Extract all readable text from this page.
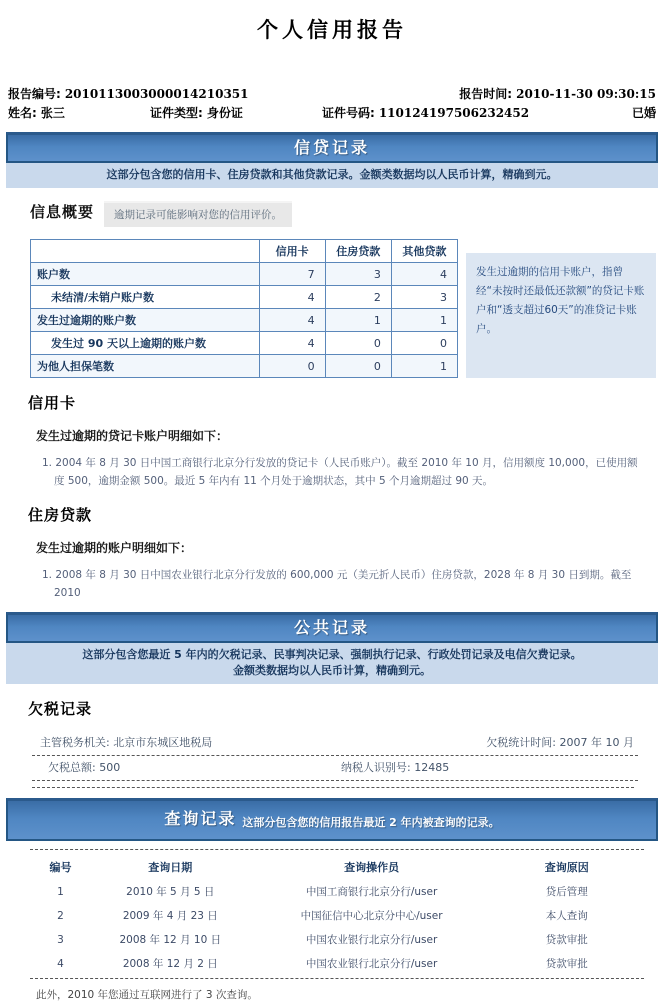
个人信用报告
报告编号: 2010113003000014210351	报告时间: 2010-11-30 09:30:15
姓名: 张三	证件类型: 身份证	证件号码: 110124197506232452	已婚
信贷记录
这部分包含您的信用卡、住房贷款和其他贷款记录。金额类数据均以人民币计算，精确到元。
信息概要	逾期记录可能影响对您的信用评价。
	信用卡	住房贷款	其他贷款
账户数	7	3	4
未结清/未销户账户数	4	2	3
发生过逾期的账户数	4	1	1
发生过 90 天以上逾期的账户数	4	0	0
为他人担保笔数	0	0	1
发生过逾期的信用卡账户，指曾经“未按时还最低还款额”的贷记卡账户和“透支超过60天”的准贷记卡账户。
信用卡
发生过逾期的贷记卡账户明细如下：
1. 2004 年 8 月 30 日中国工商银行北京分行发放的贷记卡（人民币账户）。截至 2010 年 10 月，信用额度 10,000，已使用额度 500，逾期金额 500。最近 5 年内有 11 个月处于逾期状态，其中 5 个月逾期超过 90 天。
住房贷款
发生过逾期的账户明细如下：
1. 2008 年 8 月 30 日中国农业银行北京分行发放的 600,000 元（美元折人民币）住房贷款，2028 年 8 月 30 日到期。截至 2010
公共记录
这部分包含您最近 5 年内的欠税记录、民事判决记录、强制执行记录、行政处罚记录及电信欠费记录。
金额类数据均以人民币计算，精确到元。
欠税记录
主管税务机关:
北京市东城区地税局	欠税统计时间:
2007 年 10 月
欠税总额:
500	纳税人识别号:
12485
查询记录 这部分包含您的信用报告最近 2 年内被查询的记录。
编号	查询日期	查询操作员	查询原因
1	2010 年 5 月 5 日	中国工商银行北京分行/user	贷后管理
2	2009 年 4 月 23 日	中国征信中心北京分中心/user	本人查询
3	2008 年 12 月 10 日	中国农业银行北京分行/user	贷款审批
4	2008 年 12 月 2 日	中国农业银行北京分行/user	贷款审批
此外，2010 年您通过互联网进行了 3 次查询。
